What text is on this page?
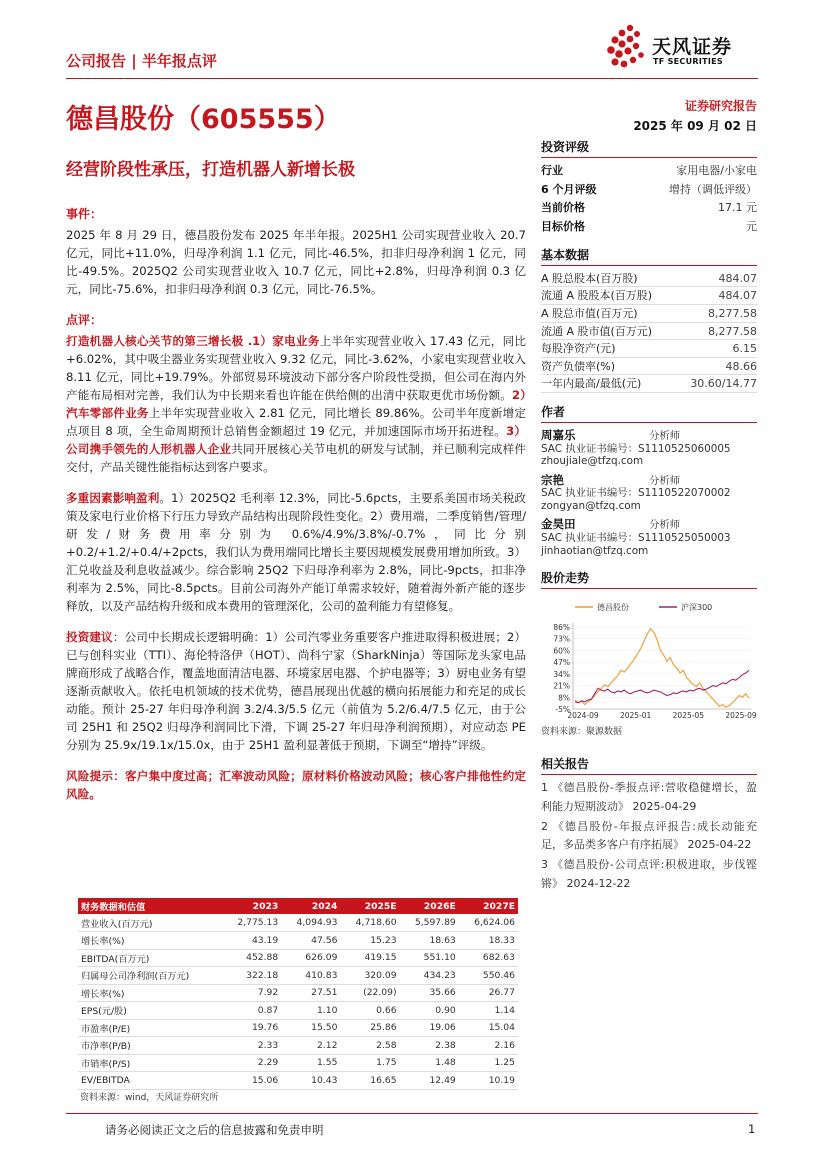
公司报告 | 半年报点评
天风证券
TF SECURITIES
德昌股份（605555）	证券研究报告
2025 年 09 月 02 日
经营阶段性承压，打造机器人新增长极
事件：

2025 年 8 月 29 日，德昌股份发布 2025 年半年报。2025H1 公司实现营业收入 20.7 亿元，同比+11.0%，归母净利润 1.1 亿元，同比-46.5%，扣非归母净利润 1 亿元，同比-49.5%。2025Q2 公司实现营业收入 10.7 亿元，同比+2.8%，归母净利润 0.3 亿元，同比-75.6%，扣非归母净利润 0.3 亿元，同比-76.5%。

点评：

打造机器人核心关节的第三增长极 .1）家电业务上半年实现营业收入 17.43 亿元，同比+6.02%，其中吸尘器业务实现营业收入 9.32 亿元，同比-3.62%，小家电实现营业收入 8.11 亿元，同比+19.79%。外部贸易环境波动下部分客户阶段性受损，但公司在海内外产能布局相对完善，我们认为中长期来看也许能在供给侧的出清中获取更优市场份额。2）汽车零部件业务上半年实现营业收入 2.81 亿元，同比增长 89.86%。公司半年度新增定点项目 8 项，全生命周期预计总销售金额超过 19 亿元，并加速国际市场开拓进程。3）公司携手领先的人形机器人企业共同开展核心关节电机的研发与试制，并已顺利完成样件交付，产品关键性能指标达到客户要求。

多重因素影响盈利。1）2025Q2 毛利率 12.3%，同比-5.6pcts，主要系美国市场关税政策及家电行业价格下行压力导致产品结构出现阶段性变化。2）费用端，二季度销售/管理/研发/财务费用率分别为 0.6%/4.9%/3.8%/-0.7%，同比分别+0.2/+1.2/+0.4/+2pcts，我们认为费用端同比增长主要因规模发展费用增加所致。3）汇兑收益及利息收益减少。综合影响 25Q2 下归母净利率为 2.8%，同比-9pcts，扣非净利率为 2.5%，同比-8.5pcts。目前公司海外产能订单需求较好，随着海外新产能的逐步释放，以及产品结构升级和成本费用的管理深化，公司的盈利能力有望修复。

投资建议：公司中长期成长逻辑明确：1）公司汽零业务重要客户推进取得积极进展；2）已与创科实业（TTI）、海伦特洛伊（HOT）、尚科宁家（SharkNinja）等国际龙头家电品牌商形成了战略合作，覆盖地面清洁电器、环境家居电器、个护电器等；3）厨电业务有望逐渐贡献收入。依托电机领域的技术优势，德昌展现出优越的横向拓展能力和充足的成长动能。预计 25-27 年归母净利润 3.2/4.3/5.5 亿元（前值为 5.2/6.4/7.5 亿元，由于公司 25H1 和 25Q2 归母净利润同比下滑，下调 25-27 年归母净利润预期），对应动态 PE 分别为 25.9x/19.1x/15.0x，由于 25H1 盈利显著低于预期，下调至“增持”评级。

风险提示：客户集中度过高；汇率波动风险；原材料价格波动风险；核心客户排他性约定风险。

投资评级
行业	家用电器/小家电
6 个月评级	增持（调低评级）
当前价格	17.1 元
目标价格	元
基本数据
A 股总股本(百万股)	484.07
流通 A 股股本(百万股)	484.07
A 股总市值(百万元)	8,277.58
流通 A 股市值(百万元)	8,277.58
每股净资产(元)	6.15
资产负债率(%)	48.66
一年内最高/最低(元)	30.60/14.77
作者
周嘉乐	分析师
SAC 执业证书编号：S1110525060005
zhoujiale@tfzq.com
宗艳	分析师
SAC 执业证书编号：S1110522070002
zongyan@tfzq.com
金昊田	分析师
SAC 执业证书编号：S1110525050003
jinhaotian@tfzq.com
股价走势
德昌股份	沪深300
86%
73%
60%
47%
34%
21%
8%
-5%
2024-09	2025-01	2025-05	2025-09
资料来源：聚源数据
相关报告
1 《德昌股份-季报点评:营收稳健增长，盈利能力短期波动》 2025-04-29
2 《德昌股份-年报点评报告:成长动能充足，多品类多客户有序拓展》 2025-04-22
3 《德昌股份-公司点评:积极进取，步伐铿锵》 2024-12-22
财务数据和估值	2023	2024	2025E	2026E	2027E
营业收入(百万元)	2,775.13	4,094.93	4,718.60	5,597.89	6,624.06
增长率(%)	43.19	47.56	15.23	18.63	18.33
EBITDA(百万元)	452.88	626.09	419.15	551.10	682.63
归属母公司净利润(百万元)	322.18	410.83	320.09	434.23	550.46
增长率(%)	7.92	27.51	(22.09)	35.66	26.77
EPS(元/股)	0.87	1.10	0.66	0.90	1.14
市盈率(P/E)	19.76	15.50	25.86	19.06	15.04
市净率(P/B)	2.33	2.12	2.58	2.38	2.16
市销率(P/S)	2.29	1.55	1.75	1.48	1.25
EV/EBITDA	15.06	10.43	16.65	12.49	10.19
资料来源：wind，天风证券研究所
请务必阅读正文之后的信息披露和免责申明	1
